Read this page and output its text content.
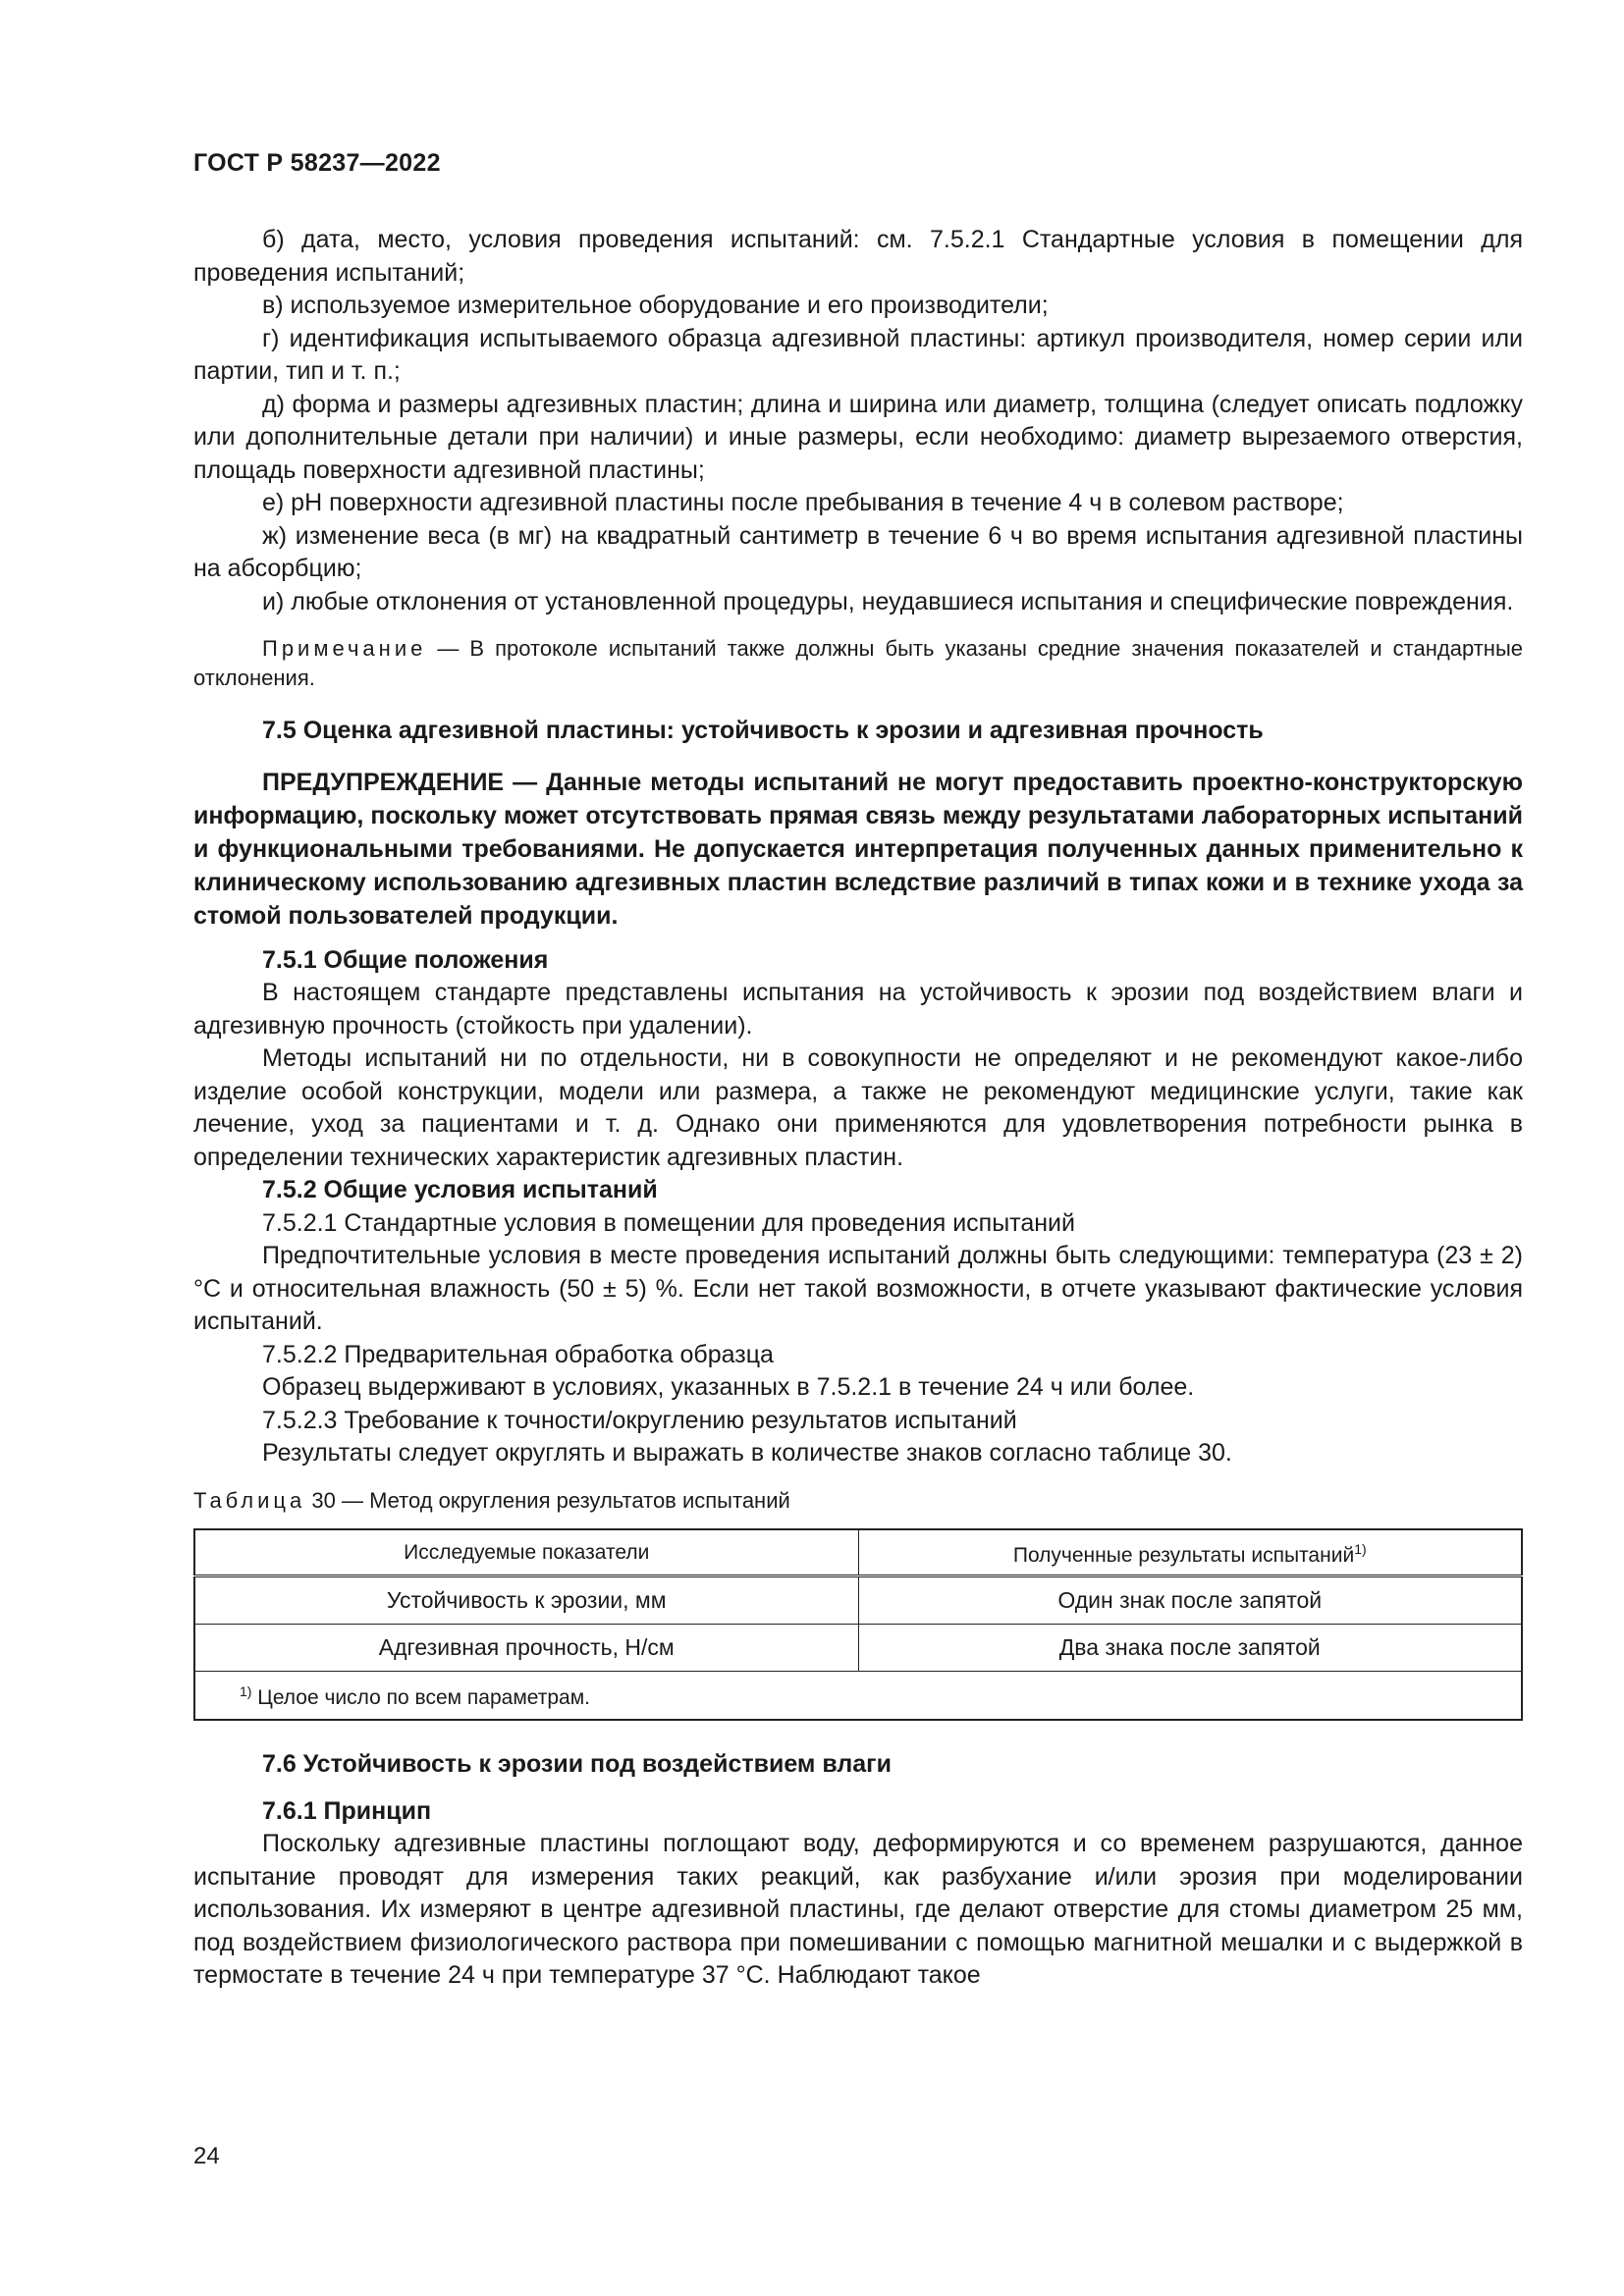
ГОСТ Р 58237—2022

б) дата, место, условия проведения испытаний: см. 7.5.2.1 Стандартные условия в помещении для проведения испытаний;

в) используемое измерительное оборудование и его производители;

г) идентификация испытываемого образца адгезивной пластины: артикул производителя, номер серии или партии, тип и т. п.;

д) форма и размеры адгезивных пластин; длина и ширина или диаметр, толщина (следует описать подложку или дополнительные детали при наличии) и иные размеры, если необходимо: диаметр вырезаемого отверстия, площадь поверхности адгезивной пластины;

е) pH поверхности адгезивной пластины после пребывания в течение 4 ч в солевом растворе;

ж) изменение веса (в мг) на квадратный сантиметр в течение 6 ч во время испытания адгезивной пластины на абсорбцию;

и) любые отклонения от установленной процедуры, неудавшиеся испытания и специфические повреждения.

Примечание — В протоколе испытаний также должны быть указаны средние значения показателей и стандартные отклонения.

7.5 Оценка адгезивной пластины: устойчивость к эрозии и адгезивная прочность

ПРЕДУПРЕЖДЕНИЕ — Данные методы испытаний не могут предоставить проектно-конструкторскую информацию, поскольку может отсутствовать прямая связь между результатами лабораторных испытаний и функциональными требованиями. Не допускается интерпретация полученных данных применительно к клиническому использованию адгезивных пластин вследствие различий в типах кожи и в технике ухода за стомой пользователей продукции.

7.5.1 Общие положения

В настоящем стандарте представлены испытания на устойчивость к эрозии под воздействием влаги и адгезивную прочность (стойкость при удалении).

Методы испытаний ни по отдельности, ни в совокупности не определяют и не рекомендуют какое-либо изделие особой конструкции, модели или размера, а также не рекомендуют медицинские услуги, такие как лечение, уход за пациентами и т. д. Однако они применяются для удовлетворения потребности рынка в определении технических характеристик адгезивных пластин.

7.5.2 Общие условия испытаний

7.5.2.1 Стандартные условия в помещении для проведения испытаний

Предпочтительные условия в месте проведения испытаний должны быть следующими: температура (23 ± 2) °С и относительная влажность (50 ± 5) %. Если нет такой возможности, в отчете указывают фактические условия испытаний.

7.5.2.2 Предварительная обработка образца

Образец выдерживают в условиях, указанных в 7.5.2.1 в течение 24 ч или более.

7.5.2.3 Требование к точности/округлению результатов испытаний

Результаты следует округлять и выражать в количестве знаков согласно таблице 30.

Таблица 30 — Метод округления результатов испытаний

Исследуемые показатели	Полученные результаты испытаний$^{1)}$
Устойчивость к эрозии, мм	Один знак после запятой
Адгезивная прочность, Н/см	Два знака после запятой
$^{1)}$ Целое число по всем параметрам.	

7.6 Устойчивость к эрозии под воздействием влаги

7.6.1 Принцип

Поскольку адгезивные пластины поглощают воду, деформируются и со временем разрушаются, данное испытание проводят для измерения таких реакций, как разбухание и/или эрозия при моделировании использования. Их измеряют в центре адгезивной пластины, где делают отверстие для стомы диаметром 25 мм, под воздействием физиологического раствора при помешивании с помощью магнитной мешалки и с выдержкой в термостате в течение 24 ч при температуре 37 °С. Наблюдают такое

24
